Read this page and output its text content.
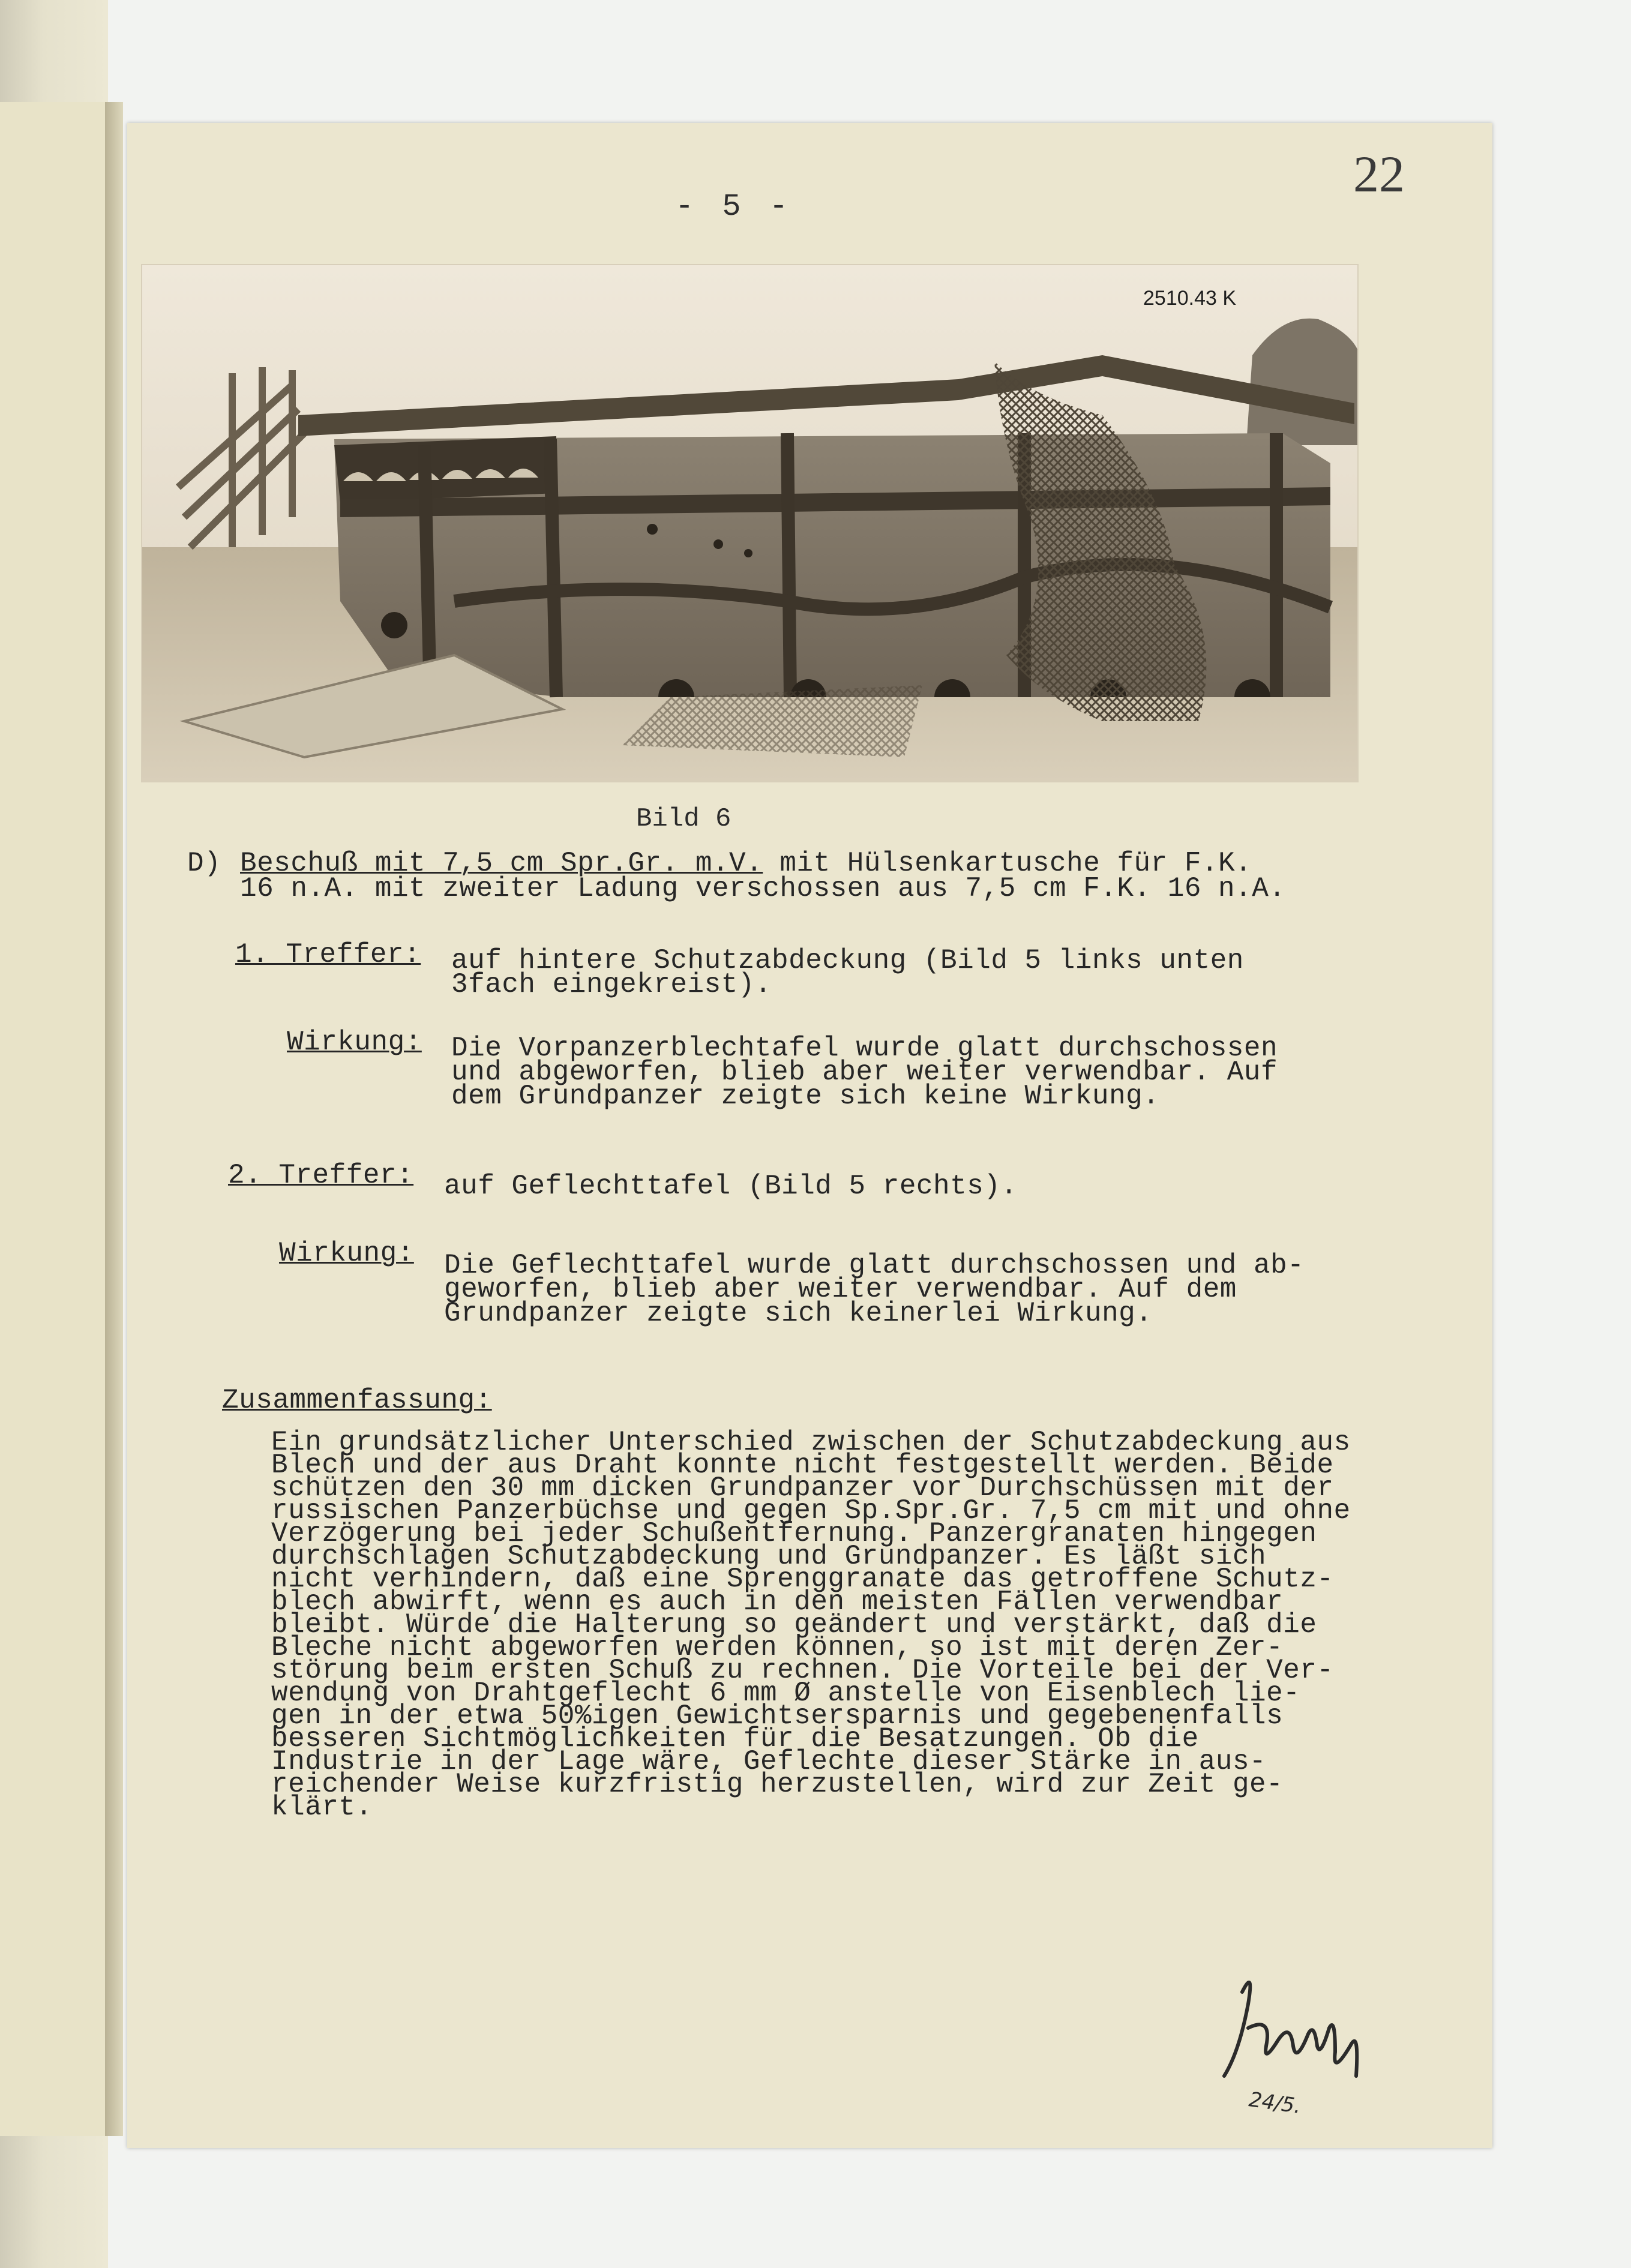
22
- 5 -
2510.43 K
Bild 6
D) Beschuß mit 7,5 cm Spr.Gr. m.V. mit Hülsenkartusche für F.K.
16 n.A. mit zweiter Ladung verschossen aus 7,5 cm F.K. 16 n.A.
1. Treffer: auf hintere Schutzabdeckung (Bild 5 links unten
3fach eingekreist).
Wirkung: Die Vorpanzerblechtafel wurde glatt durchschossen
und abgeworfen, blieb aber weiter verwendbar. Auf
dem Grundpanzer zeigte sich keine Wirkung.
2. Treffer: auf Geflechttafel (Bild 5 rechts).
Wirkung: Die Geflechttafel wurde glatt durchschossen und ab-
geworfen, blieb aber weiter verwendbar. Auf dem
Grundpanzer zeigte sich keinerlei Wirkung.
Zusammenfassung:
Ein grundsätzlicher Unterschied zwischen der Schutzabdeckung aus
Blech und der aus Draht konnte nicht festgestellt werden. Beide
schützen den 30 mm dicken Grundpanzer vor Durchschüssen mit der
russischen Panzerbüchse und gegen Sp.Spr.Gr. 7,5 cm mit und ohne
Verzögerung bei jeder Schußentfernung. Panzergranaten hingegen
durchschlagen Schutzabdeckung und Grundpanzer. Es läßt sich
nicht verhindern, daß eine Sprenggranate das getroffene Schutz-
blech abwirft, wenn es auch in den meisten Fällen verwendbar
bleibt. Würde die Halterung so geändert und verstärkt, daß die
Bleche nicht abgeworfen werden können, so ist mit deren Zer-
störung beim ersten Schuß zu rechnen. Die Vorteile bei der Ver-
wendung von Drahtgeflecht 6 mm Ø anstelle von Eisenblech lie-
gen in der etwa 50%igen Gewichtsersparnis und gegebenenfalls
besseren Sichtmöglichkeiten für die Besatzungen. Ob die
Industrie in der Lage wäre, Geflechte dieser Stärke in aus-
reichender Weise kurzfristig herzustellen, wird zur Zeit ge-
klärt.
24/5.
